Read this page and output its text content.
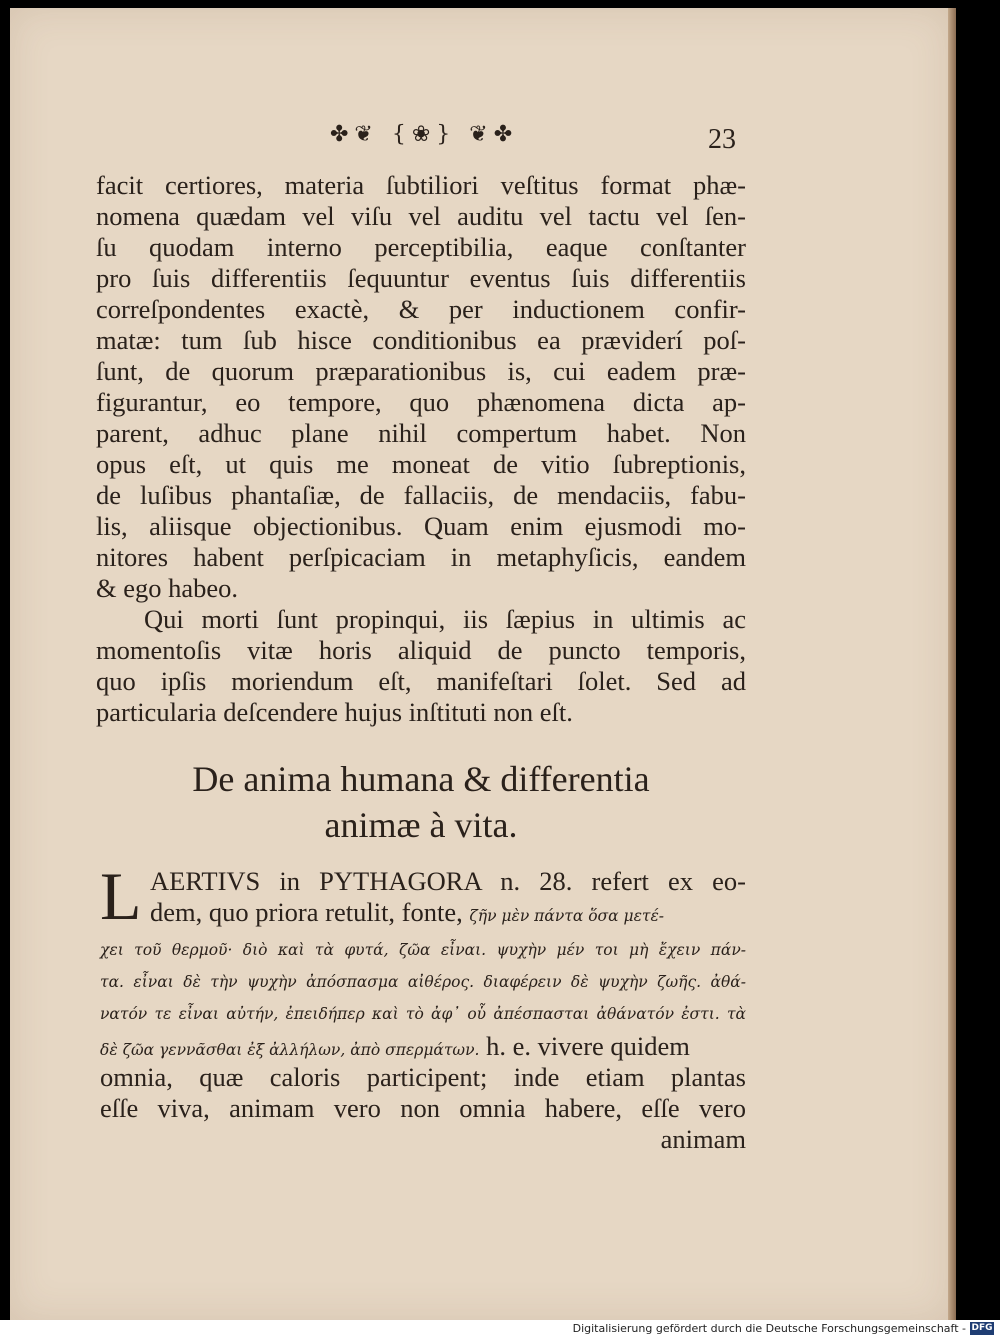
✤❦ {❀} ❦✤	23
facit certiores, materia ſubtiliori veſtitus format phæ-
nomena quædam vel viſu vel auditu vel tactu vel ſen-
ſu quodam interno perceptibilia, eaque conſtanter
pro ſuis differentiis ſequuntur eventus ſuis differentiis
correſpondentes exactè, & per inductionem confir-
matæ: tum ſub hisce conditionibus ea præviderí poſ-
ſunt, de quorum præparationibus is, cui eadem præ-
figurantur, eo tempore, quo phænomena dicta ap-
parent, adhuc plane nihil compertum habet. Non
opus eſt, ut quis me moneat de vitio ſubreptionis,
de luſibus phantaſiæ, de fallaciis, de mendaciis, fabu-
lis, aliisque objectionibus. Quam enim ejusmodi mo-
nitores habent perſpicaciam in metaphyſicis, eandem
& ego habeo.
Qui morti ſunt propinqui, iis ſæpius in ultimis ac
momentoſis vitæ horis aliquid de puncto temporis,
quo ipſis moriendum eſt, manifeſtari ſolet. Sed ad
particularia deſcendere hujus inſtituti non eſt.
De anima humana & differentia
animæ à vita.
L AERTIVS in PYTHAGORA n. 28. refert ex eo-
dem, quo priora retulit, fonte, ζῆν μὲν πάντα ὅσα μετέ-
χει τοῦ θερμοῦ· διὸ καὶ τὰ φυτά, ζῶα εἶναι. ψυχὴν μέν τοι μὴ ἔχειν πάν-
τα. εἶναι δὲ τὴν ψυχὴν ἀπόσπασμα αἰθέρος. διαφέρειν δὲ ψυχὴν ζωῆς. ἀθά-
νατόν τε εἶναι αὐτήν, ἐπειδήπερ καὶ τὸ ἀφ᾽ οὗ ἀπέσπασται ἀθάνατόν ἐστι. τὰ
δὲ ζῶα γεννᾶσθαι ἐξ ἀλλήλων, ἀπὸ σπερμάτων. h. e. vivere quidem
omnia, quæ caloris participent; inde etiam plantas
eſſe viva, animam vero non omnia habere, eſſe vero
animam
Digitalisierung gefördert durch die Deutsche Forschungsgemeinschaft - DFG
